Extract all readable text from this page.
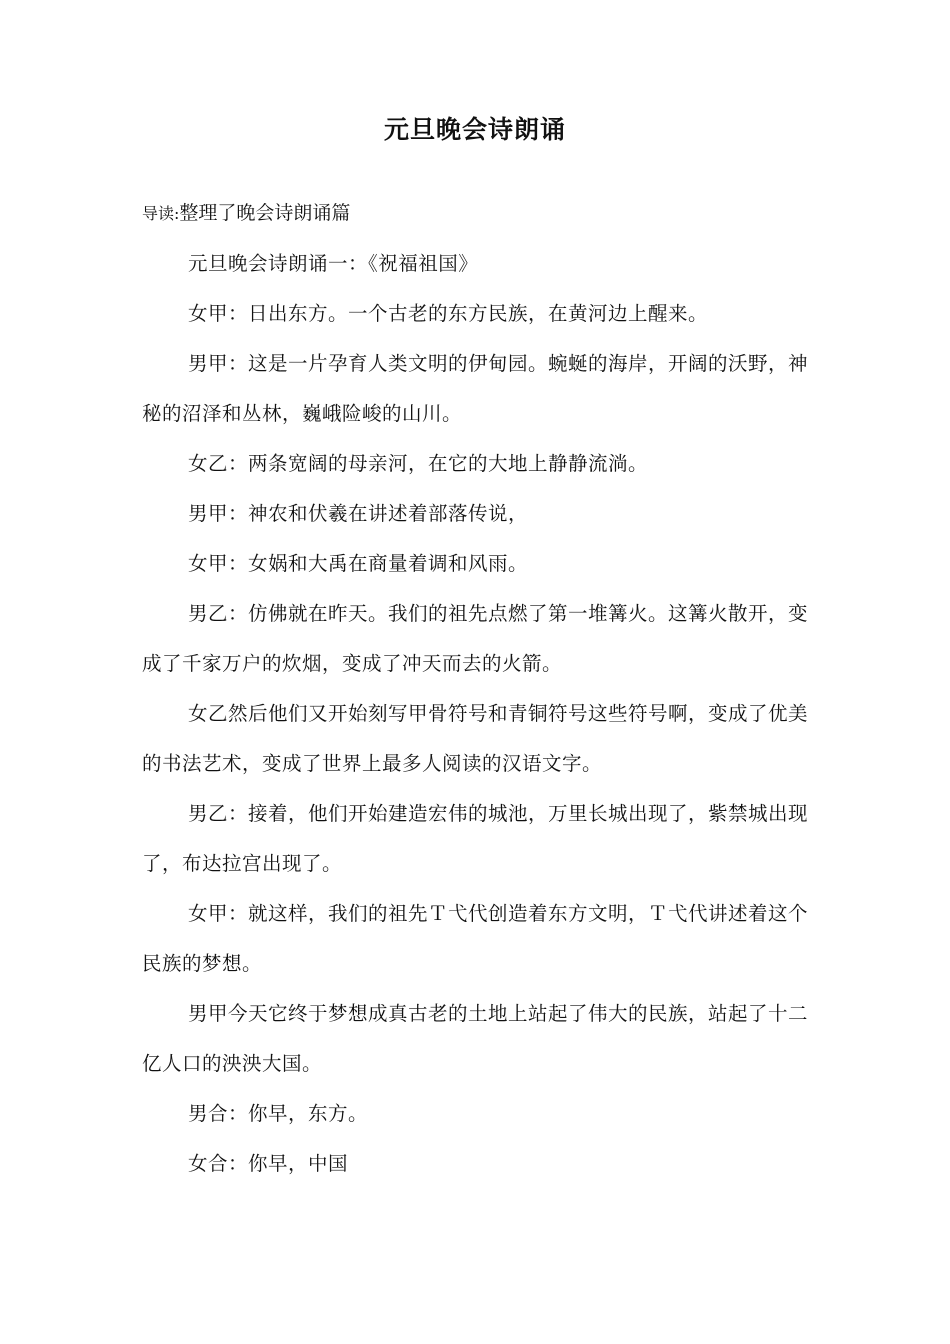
元旦晚会诗朗诵
导读:整理了晚会诗朗诵篇

元旦晚会诗朗诵一：《祝福祖国》

女甲：日出东方。一个古老的东方民族，在黄河边上醒来。

男甲：这是一片孕育人类文明的伊甸园。蜿蜒的海岸，开阔的沃野，神秘的沼泽和丛林，巍峨险峻的山川。

女乙：两条宽阔的母亲河，在它的大地上静静流淌。

男甲：神农和伏羲在讲述着部落传说，

女甲：女娲和大禹在商量着调和风雨。

男乙：仿佛就在昨天。我们的祖先点燃了第一堆篝火。这篝火散开，变成了千家万户的炊烟，变成了冲天而去的火箭。

女乙然后他们又开始刻写甲骨符号和青铜符号这些符号啊，变成了优美的书法艺术，变成了世界上最多人阅读的汉语文字。

男乙：接着，他们开始建造宏伟的城池，万里长城出现了，紫禁城出现了，布达拉宫出现了。

女甲：就这样，我们的祖先Ｔ弋代创造着东方文明，Ｔ弋代讲述着这个民族的梦想。

男甲今天它终于梦想成真古老的土地上站起了伟大的民族，站起了十二亿人口的泱泱大国。

男合：你早，东方。

女合：你早，中国
